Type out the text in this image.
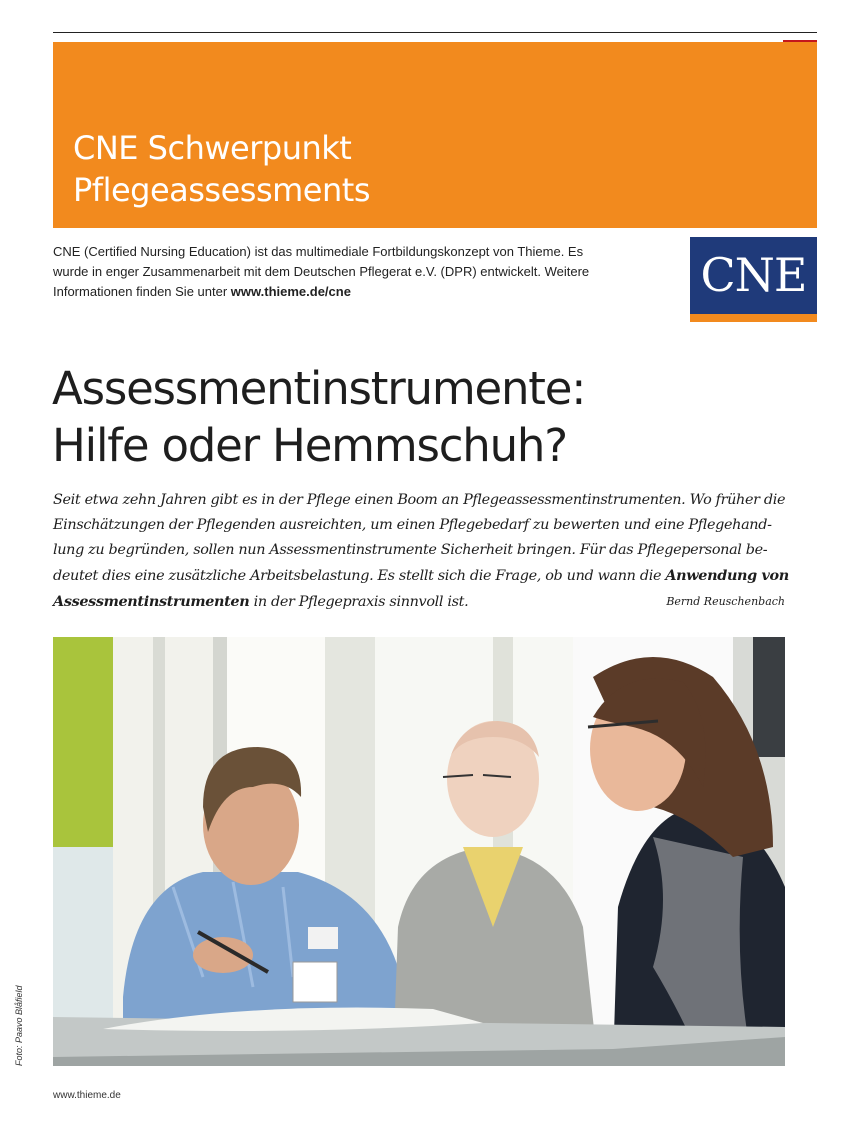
CNE Schwerpunkt
Pflegeassessments
CNE (Certified Nursing Education) ist das multimediale Fortbildungskonzept von Thieme. Es
wurde in enger Zusammenarbeit mit dem Deutschen Pflegerat e.V. (DPR) entwickelt. Weitere
Informationen finden Sie unter www.thieme.de/cne	CNE
Assessmentinstrumente:
Hilfe oder Hemmschuh?
Seit etwa zehn Jahren gibt es in der Pflege einen Boom an Pflegeassessmentinstrumenten. Wo früher die
Einschätzungen der Pflegenden ausreichten, um einen Pflegebedarf zu bewerten und eine Pflegehand-
lung zu begründen, sollen nun Assessmentinstrumente Sicherheit bringen. Für das Pflegepersonal be-
deutet dies eine zusätzliche Arbeitsbelastung. Es stellt sich die Frage, ob und wann die Anwendung von
Assessmentinstrumenten in der Pflegepraxis sinnvoll ist.	Bernd Reuschenbach
Foto: Paavo Blåfield
www.thieme.de
